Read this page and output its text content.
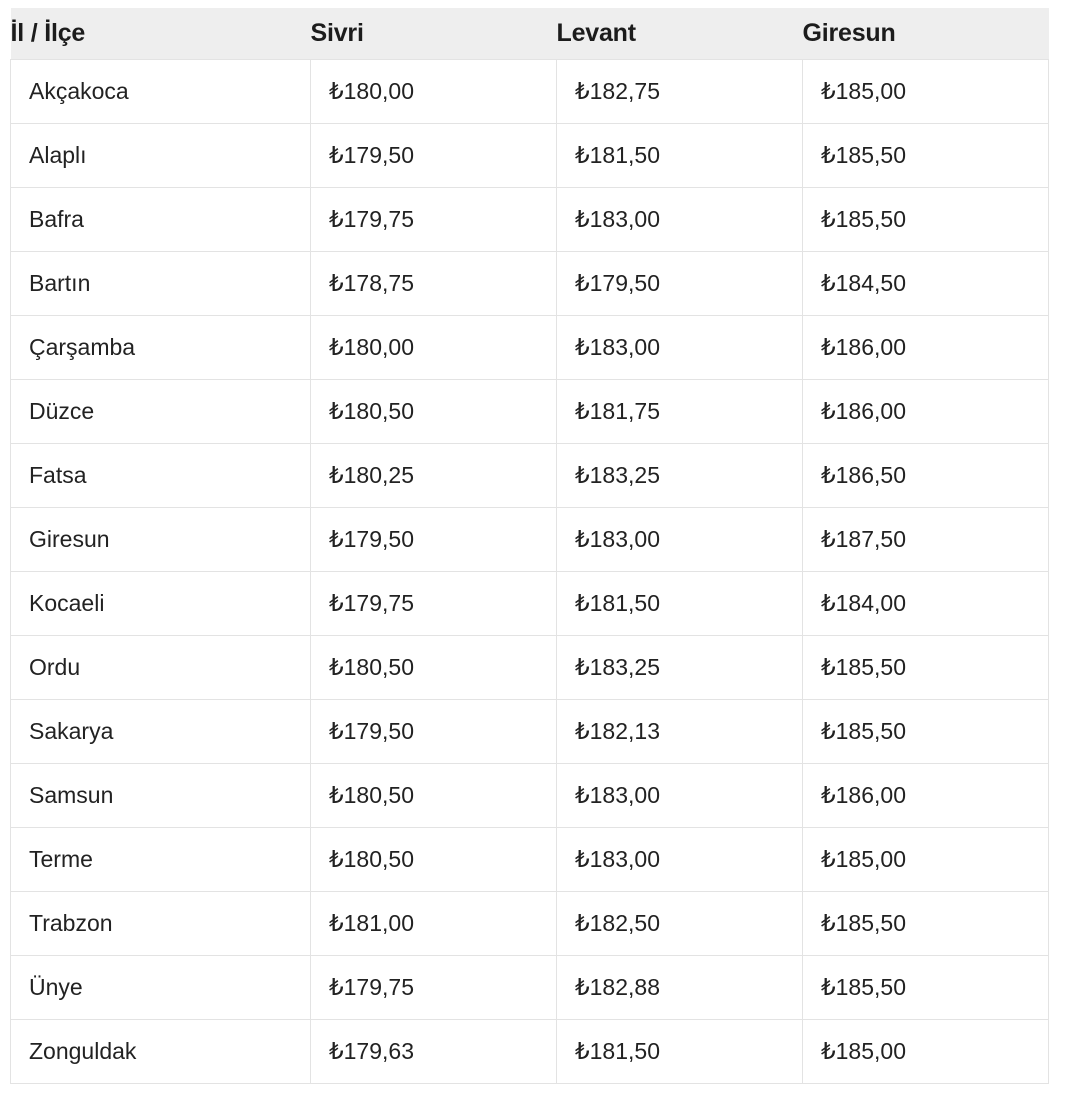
İl / İlçe	Sivri	Levant	Giresun
Akçakoca	₺180,00	₺182,75	₺185,00
Alaplı	₺179,50	₺181,50	₺185,50
Bafra	₺179,75	₺183,00	₺185,50
Bartın	₺178,75	₺179,50	₺184,50
Çarşamba	₺180,00	₺183,00	₺186,00
Düzce	₺180,50	₺181,75	₺186,00
Fatsa	₺180,25	₺183,25	₺186,50
Giresun	₺179,50	₺183,00	₺187,50
Kocaeli	₺179,75	₺181,50	₺184,00
Ordu	₺180,50	₺183,25	₺185,50
Sakarya	₺179,50	₺182,13	₺185,50
Samsun	₺180,50	₺183,00	₺186,00
Terme	₺180,50	₺183,00	₺185,00
Trabzon	₺181,00	₺182,50	₺185,50
Ünye	₺179,75	₺182,88	₺185,50
Zonguldak	₺179,63	₺181,50	₺185,00
